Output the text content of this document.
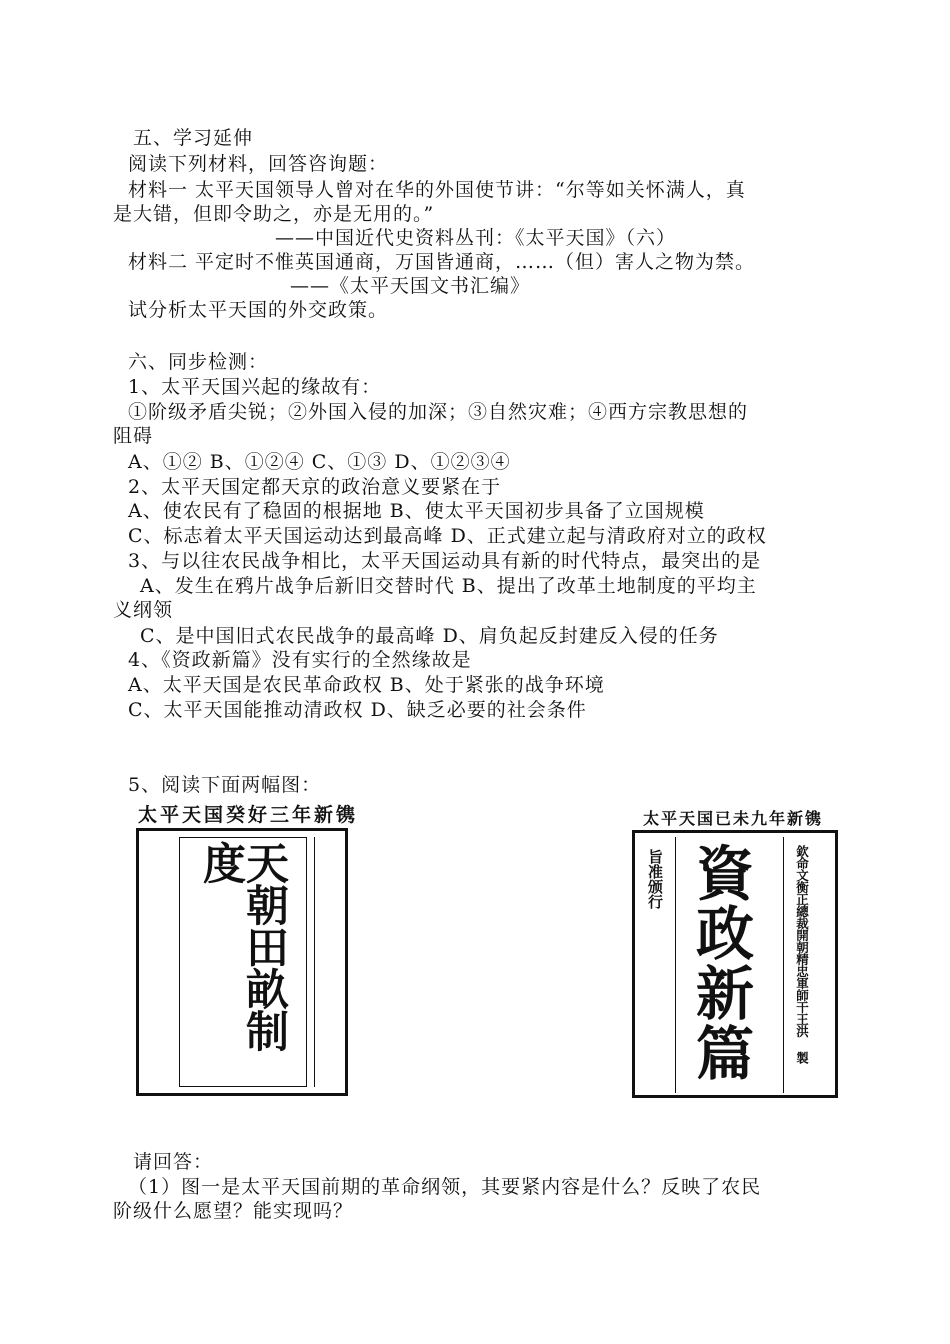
五、学习延伸
阅读下列材料，回答咨询题：
材料一 太平天国领导人曾对在华的外国使节讲：“尔等如关怀满人，真
是大错，但即令助之，亦是无用的。”
——中国近代史资料丛刊：《太平天国》（六）
材料二 平定时不惟英国通商，万国皆通商，……（但）害人之物为禁。
——《太平天国文书汇编》
试分析太平天国的外交政策。
六、同步检测：
1、太平天国兴起的缘故有：
①阶级矛盾尖锐；②外国入侵的加深；③自然灾难；④西方宗教思想的
阻碍
A、①② B、①②④ C、①③ D、①②③④
2、太平天国定都天京的政治意义要紧在于
A、使农民有了稳固的根据地 B、使太平天国初步具备了立国规模
C、标志着太平天国运动达到最高峰 D、正式建立起与清政府对立的政权
3、与以往农民战争相比，太平天国运动具有新的时代特点，最突出的是
A、发生在鸦片战争后新旧交替时代 B、提出了改革土地制度的平均主
义纲领
C、是中国旧式农民战争的最高峰 D、肩负起反封建反入侵的任务
4、《资政新篇》没有实行的全然缘故是
A、太平天国是农民革命政权 B、处于紧张的战争环境
C、太平天国能推动清政权 D、缺乏必要的社会条件
5、阅读下面两幅图：
太平天国癸好三年新镌
天朝田畝制度
太平天国已未九年新镌
旨准颁行 資政新篇	欽命文衡正總裁開朝精忠軍師干王洪 製
请回答：
（1）图一是太平天国前期的革命纲领，其要紧内容是什么？反映了农民
阶级什么愿望？能实现吗？
